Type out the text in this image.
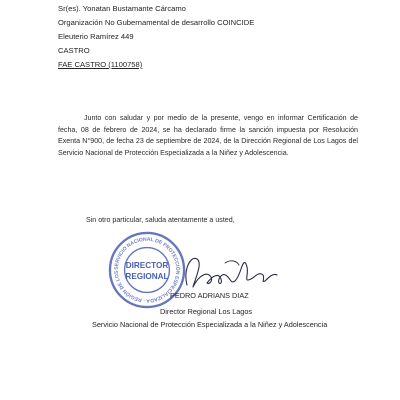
Sr(es). Yonatan Bustamante Cárcamo
Organización No Gubernamental de desarrollo COINCIDE
Eleuterio Ramírez 449
CASTRO
FAE CASTRO (1100758)
Junto con saludar y por medio de la presente, vengo en informar Certificación de fecha, 08 de febrero de 2024, se ha declarado firme la sanción impuesta por Resolución Exenta N°900, de fecha 23 de septiembre de 2024, de la Dirección Regional de Los Lagos del Servicio Nacional de Protección Especializada a la Niñez y Adolescencia.
Sin otro particular, saluda atentamente a usted,
SERVICIO NACIONAL DE PROTECCIÓN ESPECIALIZADA · REGIÓN DE LOS
DIRECTOR
REGIONAL
PEDRO ADRIANS DIAZ
Director Regional Los Lagos
Servicio Nacional de Protección Especializada a la Niñez y Adolescencia
